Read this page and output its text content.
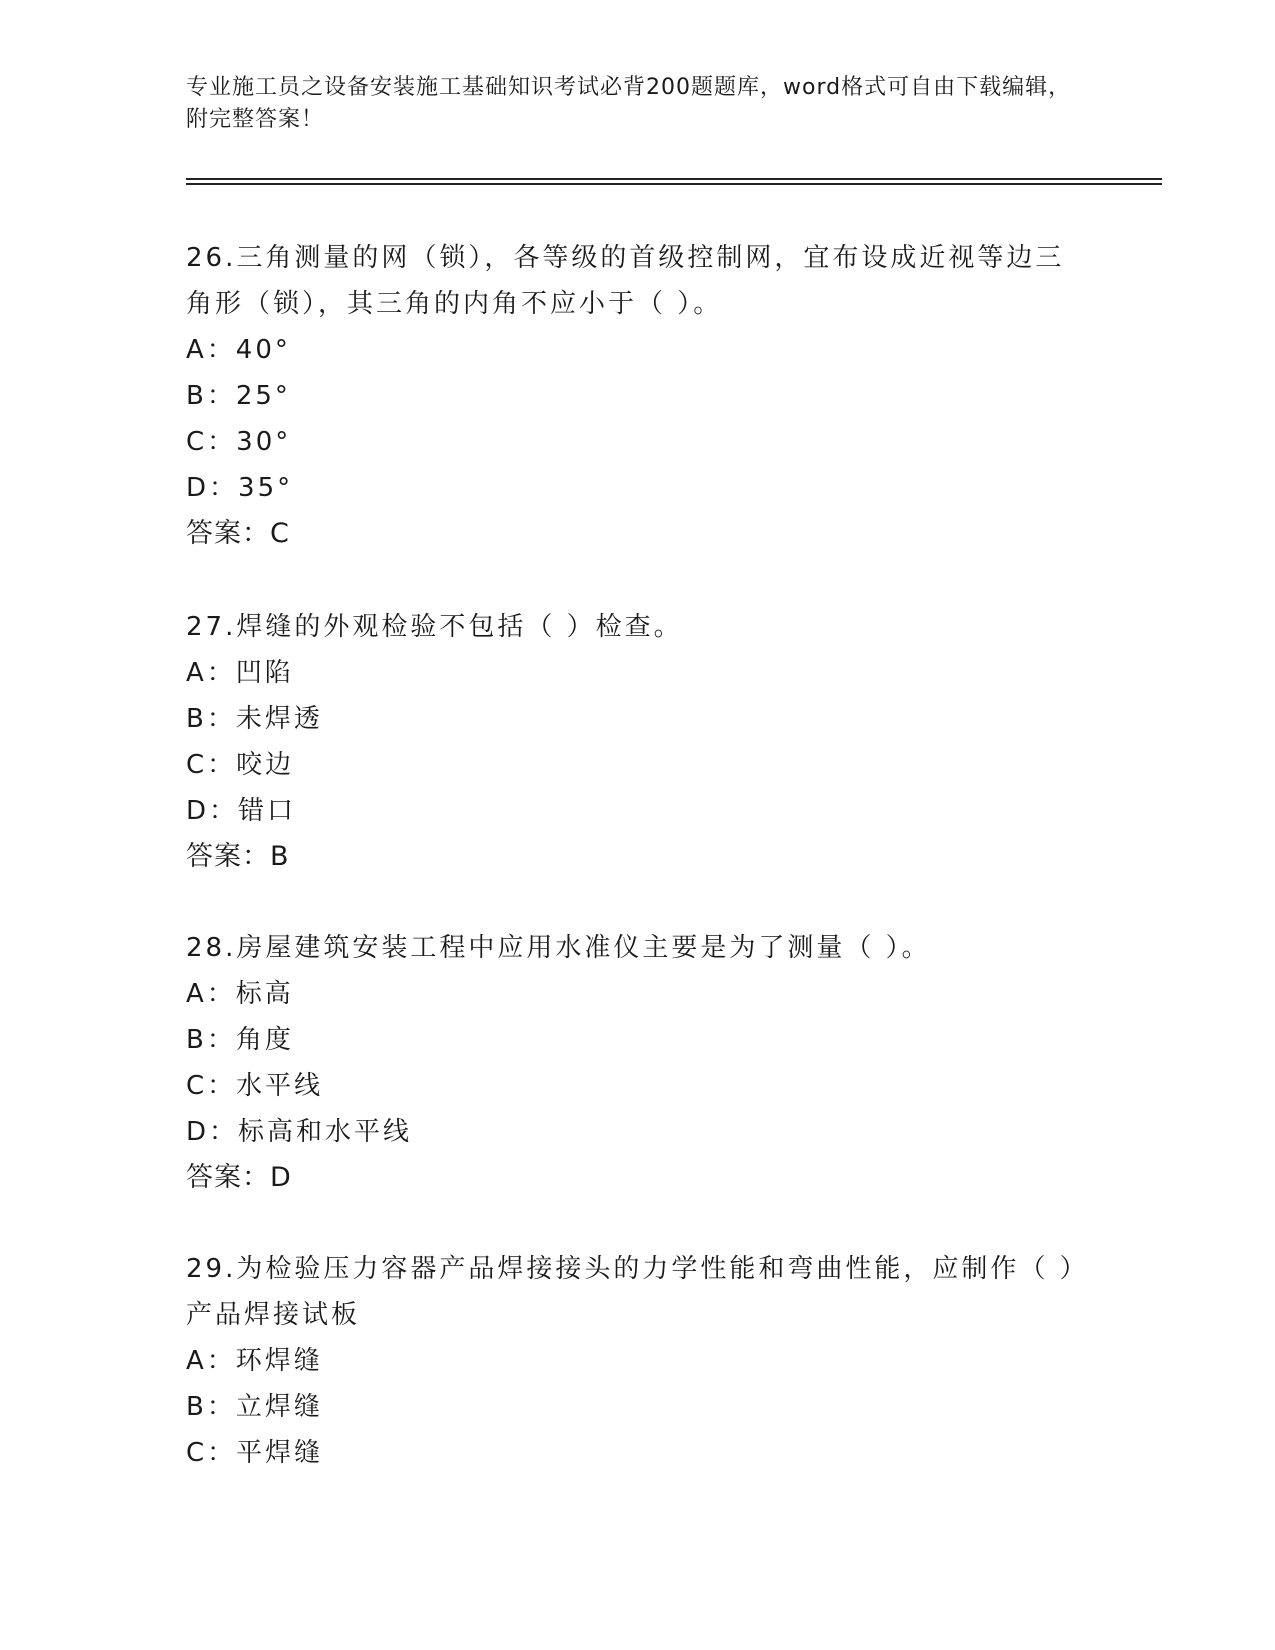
专业施工员之设备安装施工基础知识考试必背200题题库，word格式可自由下载编辑，附完整答案！

26.三角测量的网（锁），各等级的首级控制网，宜布设成近视等边三角形（锁），其三角的内角不应小于（ ）。

A：40°

B：25°

C：30°

D：35°

答案：C

27.焊缝的外观检验不包括（ ）检查。

A：凹陷

B：未焊透

C：咬边

D：错口

答案：B

28.房屋建筑安装工程中应用水准仪主要是为了测量（ ）。

A：标高

B：角度

C：水平线

D：标高和水平线

答案：D

29.为检验压力容器产品焊接接头的力学性能和弯曲性能，应制作（ ）产品焊接试板

A：环焊缝

B：立焊缝

C：平焊缝
